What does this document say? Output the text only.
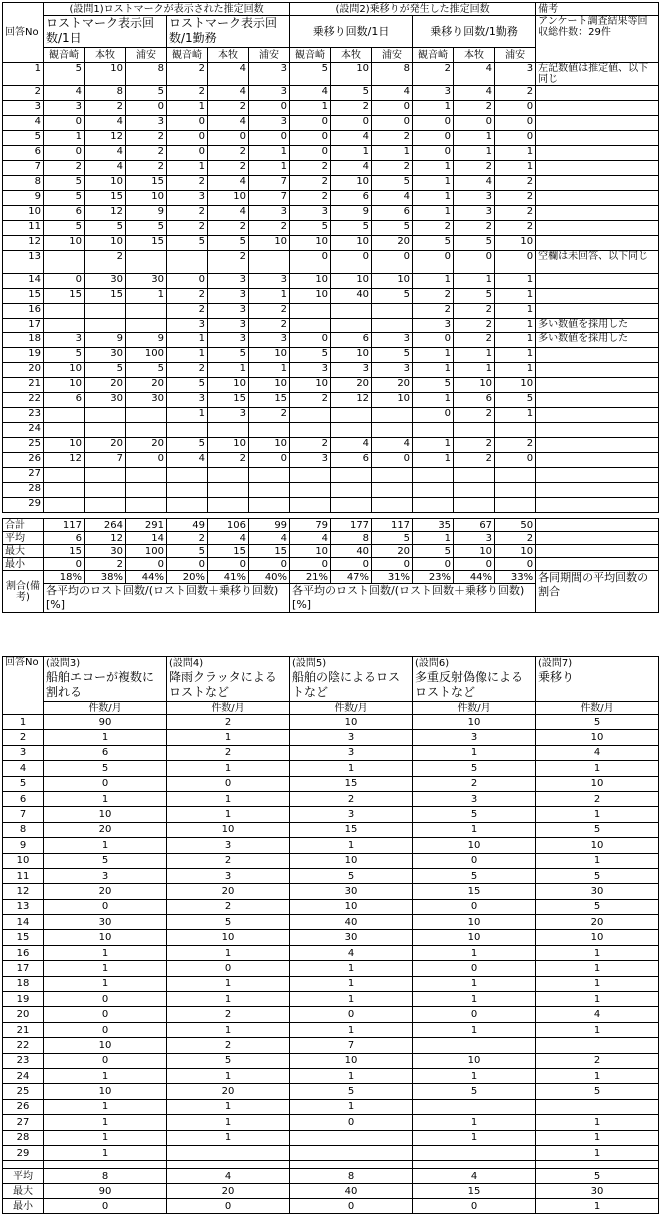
回答No	(設問1)ロストマークが表示された推定回数						(設問2)乗移りが発生した推定回数						備考
	ロストマーク表示回数/1日			ロストマーク表示回数/1勤務			乗移り回数/1日			乗移り回数/1勤務			アンケート調査結果等回収総件数：29件
	観音崎	本牧	浦安	観音崎	本牧	浦安	観音崎	本牧	浦安	観音崎	本牧	浦安	
1	5	10	8	2	4	3	5	10	8	2	4	3	左記数値は推定値、以下同じ
2	4	8	5	2	4	3	4	5	4	3	4	2	
3	3	2	0	1	2	0	1	2	0	1	2	0	
4	0	4	3	0	4	3	0	0	0	0	0	0	
5	1	12	2	0	0	0	0	4	2	0	1	0	
6	0	4	2	0	2	1	0	1	1	0	1	1	
7	2	4	2	1	2	1	2	4	2	1	2	1	
8	5	10	15	2	4	7	2	10	5	1	4	2	
9	5	15	10	3	10	7	2	6	4	1	3	2	
10	6	12	9	2	4	3	3	9	6	1	3	2	
11	5	5	5	2	2	2	5	5	5	2	2	2	
12	10	10	15	5	5	10	10	10	20	5	5	10	
13		2			2		0	0	0	0	0	0	空欄は未回答、以下同じ
14	0	30	30	0	3	3	10	10	10	1	1	1	
15	15	15	1	2	3	1	10	40	5	2	5	1	
16				2	3	2				2	2	1	
17				3	3	2				3	2	1	多い数値を採用した
18	3	9	9	1	3	3	0	6	3	0	2	1	多い数値を採用した
19	5	30	100	1	5	10	5	10	5	1	1	1	
20	10	5	5	2	1	1	3	3	3	1	1	1	
21	10	20	20	5	10	10	10	20	20	5	10	10	
22	6	30	30	3	15	15	2	12	10	1	6	5	
23				1	3	2				0	2	1	
24													
25	10	20	20	5	10	10	2	4	4	1	2	2	
26	12	7	0	4	2	0	3	6	0	1	2	0	
27													
28													
29													

合計	117	264	291	49	106	99	79	177	117	35	67	50	
平均	6	12	14	2	4	4	4	8	5	1	3	2	
最大	15	30	100	5	15	15	10	40	20	5	10	10	
最小	0	2	0	0	0	0	0	0	0	0	0	0	
割合(備考)	18%	38%	44%	20%	41%	40%	21%	47%	31%	23%	44%	33%	各同期間の平均回数の割合
	各平均のロスト回数/(ロスト回数＋乗移り回数)[%]						各平均のロスト回数/(ロスト回数＋乗移り回数)[%]						

回答No	(設問3)	(設問4)	(設問5)	(設問6)	(設問7)
	船舶エコーが複数に割れる	降雨クラッタによるロストなど	船舶の陰によるロストなど	多重反射偽像によるロストなど	乗移り
	件数/月	件数/月	件数/月	件数/月	件数/月
1	90	2	10	10	5
2	1	1	3	3	10
3	6	2	3	1	4
4	5	1	1	5	1
5	0	0	15	2	10
6	1	1	2	3	2
7	10	1	3	5	1
8	20	10	15	1	5
9	1	3	1	10	10
10	5	2	10	0	1
11	3	3	5	5	5
12	20	20	30	15	30
13	0	2	10	0	5
14	30	5	40	10	20
15	10	10	30	10	10
16	1	1	4	1	1
17	1	0	1	0	1
18	1	1	1	1	1
19	0	1	1	1	1
20	0	2	0	0	4
21	0	1	1	1	1
22	10	2	7		
23	0	5	10	10	2
24	1	1	1	1	1
25	10	20	5	5	5
26	1	1	1		
27	1	1	0	1	1
28	1	1		1	1
29	1				1

平均	8	4	8	4	5
最大	90	20	40	15	30
最小	0	0	0	0	1
